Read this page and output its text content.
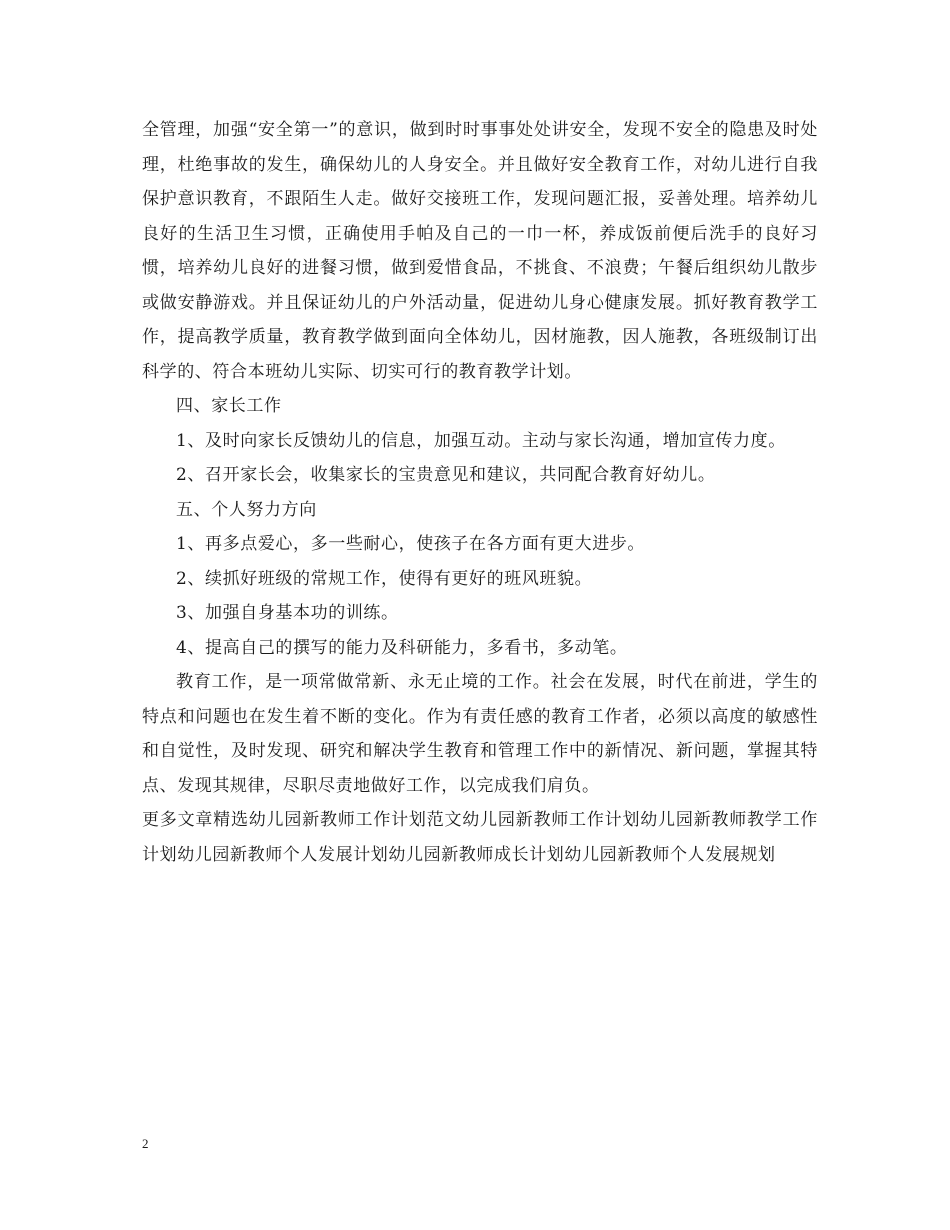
全管理，加强“安全第一”的意识，做到时时事事处处讲安全，发现不安全的隐患及时处理，杜绝事故的发生，确保幼儿的人身安全。并且做好安全教育工作，对幼儿进行自我保护意识教育，不跟陌生人走。做好交接班工作，发现问题汇报，妥善处理。培养幼儿良好的生活卫生习惯，正确使用手帕及自己的一巾一杯，养成饭前便后洗手的良好习惯，培养幼儿良好的进餐习惯，做到爱惜食品，不挑食、不浪费；午餐后组织幼儿散步或做安静游戏。并且保证幼儿的户外活动量，促进幼儿身心健康发展。抓好教育教学工作，提高教学质量，教育教学做到面向全体幼儿，因材施教，因人施教，各班级制订出科学的、符合本班幼儿实际、切实可行的教育教学计划。

四、家长工作

1、及时向家长反馈幼儿的信息，加强互动。主动与家长沟通，增加宣传力度。

2、召开家长会，收集家长的宝贵意见和建议，共同配合教育好幼儿。

五、个人努力方向

1、再多点爱心，多一些耐心，使孩子在各方面有更大进步。

2、续抓好班级的常规工作，使得有更好的班风班貌。

3、加强自身基本功的训练。

4、提高自己的撰写的能力及科研能力，多看书，多动笔。

教育工作，是一项常做常新、永无止境的工作。社会在发展，时代在前进，学生的特点和问题也在发生着不断的变化。作为有责任感的教育工作者，必须以高度的敏感性和自觉性，及时发现、研究和解决学生教育和管理工作中的新情况、新问题，掌握其特点、发现其规律，尽职尽责地做好工作，以完成我们肩负。

更多文章精选幼儿园新教师工作计划范文幼儿园新教师工作计划幼儿园新教师教学工作计划幼儿园新教师个人发展计划幼儿园新教师成长计划幼儿园新教师个人发展规划

2
